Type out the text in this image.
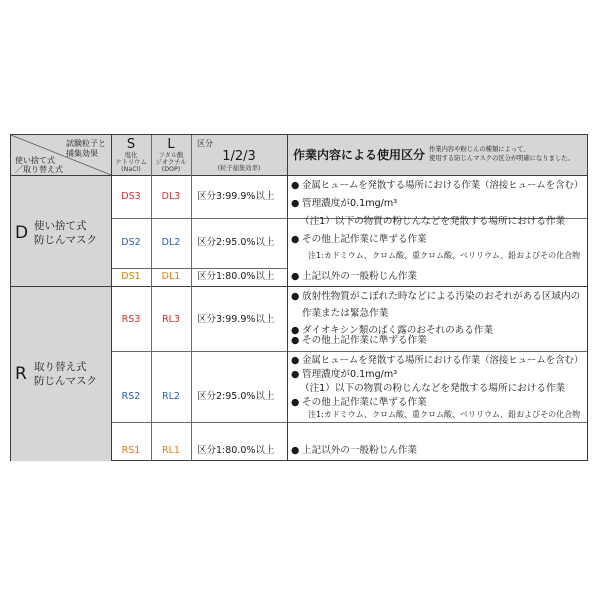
試験粒子と
捕集効果
使い捨て式
／取り替え式
S
塩化
ナトリウム
(NaCl)
L
フタル酸
ジオクチル
(DOP)
区分
1/2/3
(粒子捕集効率)
作業内容による使用区分 作業内容や粉じんの種類によって、
使用する防じんマスクの区分が明確になりました。
D 使い捨て式
防じんマスク
DS3 DL3 区分3:99.9%以上
DS2 DL2 区分2:95.0%以上
DS1 DL1 区分1:80.0%以上
● 金属ヒュームを発散する場所における作業（溶接ヒュームを含む）
● 管理濃度が0.1mg/m³
（注1）以下の物質の粉じんなどを発散する場所における作業
● その他上記作業に準ずる作業
注1:カドミウム、クロム酸、重クロム酸、ベリリウム、鉛およびその化合物
● 上記以外の一般粉じん作業
R 取り替え式
防じんマスク
RS3 RL3 区分3:99.9%以上
RS2 RL2 区分2:95.0%以上
RS1 RL1 区分1:80.0%以上
● 放射性物質がこぼれた時などによる汚染のおそれがある区域内の
作業または緊急作業
● ダイオキシン類のばく露のおそれのある作業
● その他上記作業に準ずる作業
● 金属ヒュームを発散する場所における作業（溶接ヒュームを含む）
● 管理濃度が0.1mg/m³
（注1）以下の物質の粉じんなどを発散する場所における作業
● その他上記作業に準ずる作業
注1:カドミウム、クロム酸、重クロム酸、ベリリウム、鉛およびその化合物
● 上記以外の一般粉じん作業
